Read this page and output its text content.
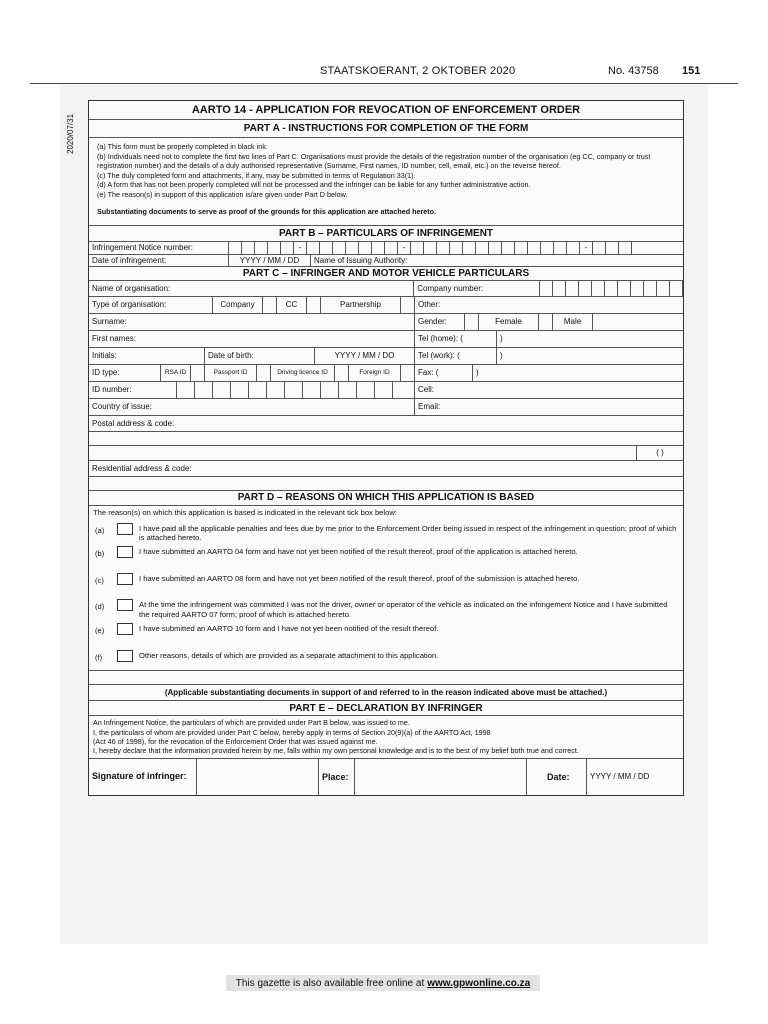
STAATSKOERANT, 2 OKTOBER 2020	No. 43758 151
2020/07/31
AARTO 14 - APPLICATION FOR REVOCATION OF ENFORCEMENT ORDER
PART A - INSTRUCTIONS FOR COMPLETION OF THE FORM

(a) This form must be properly completed in black ink.

(b) Individuals need not to complete the first two lines of Part C. Organisations must provide the details of the registration number of the organisation (eg CC, company or trust registration number) and the details of a duly authorised representative (Surname, First names, ID number, cell, email, etc.) on the reverse hereof.

(c) The duly completed form and attachments, if any, may be submitted in terms of Regulation 33(1).

(d) A form that has not been properly completed will not be processed and the infringer can be liable for any further administrative action.

(e) The reason(s) in support of this application is/are given under Part D below.

Substantiating documents to serve as proof of the grounds for this application are attached hereto.

PART B – PARTICULARS OF INFRINGEMENT
Infringement Notice number:	-	-	-
Date of infringement:	YYYY / MM / DD	Name of Issuing Authority:
PART C – INFRINGER AND MOTOR VEHICLE PARTICULARS
Name of organisation:	Company number:
Type of organisation:	Company	CC	Partnership	Other:
Surname:	Gender:	Female	Male
First names:	Tel (home): (	)
Initials:	Date of birth:	YYYY / MM / DO	Tel (work): (	)
ID type:	RSA ID	Passport ID	Driving licence ID	Foreign ID	Fax: (	)
ID number:	Cell:
Country of issue:	Email:
Postal address & code:
( )
Residential address & code:
PART D – REASONS ON WHICH THIS APPLICATION IS BASED
The reason(s) on which this application is based is indicated in the relevant tick box below:
(a)	I have paid all the applicable penalties and fees due by me prior to the Enforcement Order being issued in respect of the infringement in question; proof of which is attached hereto.
(b)	I have submitted an AARTO 04 form and have not yet been notified of the result thereof, proof of the application is attached hereto.
(c)	I have submitted an AARTO 08 form and have not yet been notified of the result thereof, proof of the submission is attached hereto.
(d)	At the time the infringement was committed I was not the driver, owner or operator of the vehicle as indicated on the infringement Notice and I have submitted the required AARTO 07 form; proof of which is attached hereto.
(e)	I have submitted an AARTO 10 form and I have not yet been notified of the result thereof.
(f)	Other reasons, details of which are provided as a separate attachment to this application.
(Applicable substantiating documents in support of and referred to in the reason indicated above must be attached.)
PART E – DECLARATION BY INFRINGER
An Infringement Notice, the particulars of which are provided under Part B below, was issued to me.
I, the particulars of whom are provided under Part C below, hereby apply in terms of Section 20(9)(a) of the AARTO Act, 1998
(Act 46 of 1998), for the revocation of the Enforcement Order that was issued against me.
I, hereby declare that the information provided herein by me, falls within my own personal knowledge and is to the best of my belief both true and correct.
Signature of infringer:	Place:	Date:	YYYY / MM / DD
This gazette is also available free online at www.gpwonline.co.za
